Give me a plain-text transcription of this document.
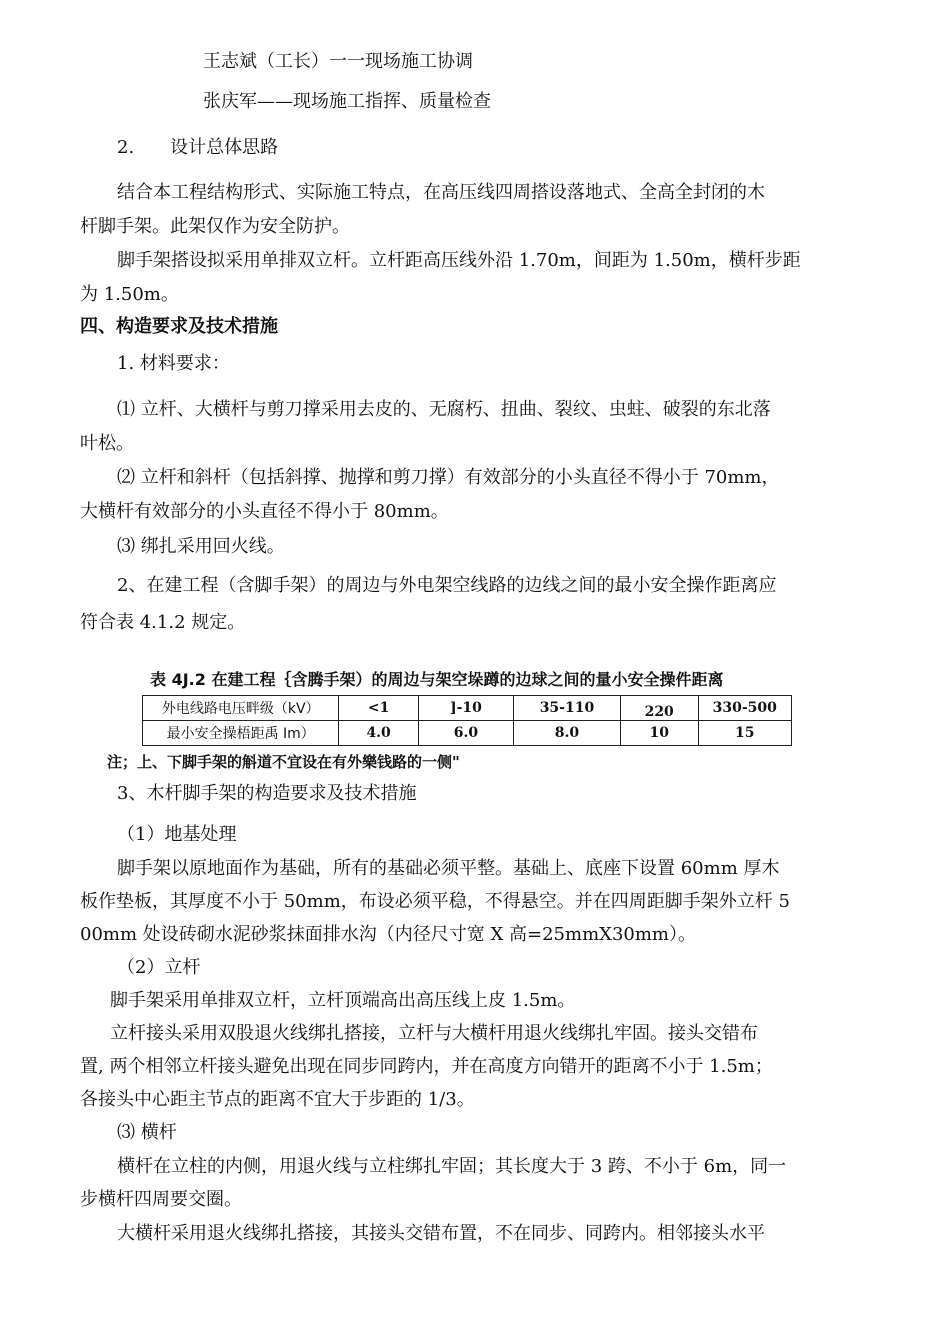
王志斌（工长）一一现场施工协调
张庆军——现场施工指挥、质量检查
2.　　设计总体思路
结合本工程结构形式、实际施工特点，在高压线四周搭设落地式、全高全封闭的木
杆脚手架。此架仅作为安全防护。
脚手架搭设拟采用单排双立杆。立杆距高压线外沿 1.70m，间距为 1.50m，横杆步距
为 1.50m。
四、构造要求及技术措施
1. 材料要求：
⑴ 立杆、大横杆与剪刀撑采用去皮的、无腐朽、扭曲、裂纹、虫蛀、破裂的东北落
叶松。
⑵ 立杆和斜杆（包括斜撑、抛撑和剪刀撑）有效部分的小头直径不得小于 70mm，
大横杆有效部分的小头直径不得小于 80mm。
⑶ 绑扎采用回火线。
2、在建工程（含脚手架）的周边与外电架空线路的边线之间的最小安全操作距离应
符合表 4.1.2 规定。
表 4J.2 在建工程｛含腾手架）的周边与架空垛蹲的边球之间的量小安全操件距离
外电线路电压畔级（kV）	<1	]-10	35-110	220	330-500
最小安全操梧距禹 Im）	4.0	6.0	8.0	10	15
注；上、下脚手架的斛道不宜设在有外樂钱路的一侧"
3、木杆脚手架的构造要求及技术措施
（1）地基处理
脚手架以原地面作为基础，所有的基础必须平整。基础上、底座下设置 60mm 厚木
板作垫板，其厚度不小于 50mm，布设必须平稳，不得悬空。并在四周距脚手架外立杆 5
00mm 处设砖砌水泥砂浆抹面排水沟（内径尺寸宽 X 高=25mmX30mm）。
（2）立杆
脚手架采用单排双立杆，立杆顶端高出高压线上皮 1.5m。
立杆接头采用双股退火线绑扎搭接，立杆与大横杆用退火线绑扎牢固。接头交错布
置, 两个相邻立杆接头避免出现在同步同跨内，并在高度方向错开的距离不小于 1.5m；
各接头中心距主节点的距离不宜大于步距的 1/3。
⑶ 横杆
横杆在立柱的内侧，用退火线与立柱绑扎牢固；其长度大于 3 跨、不小于 6m，同一
步横杆四周要交圈。
大横杆采用退火线绑扎搭接，其接头交错布置，不在同步、同跨内。相邻接头水平
